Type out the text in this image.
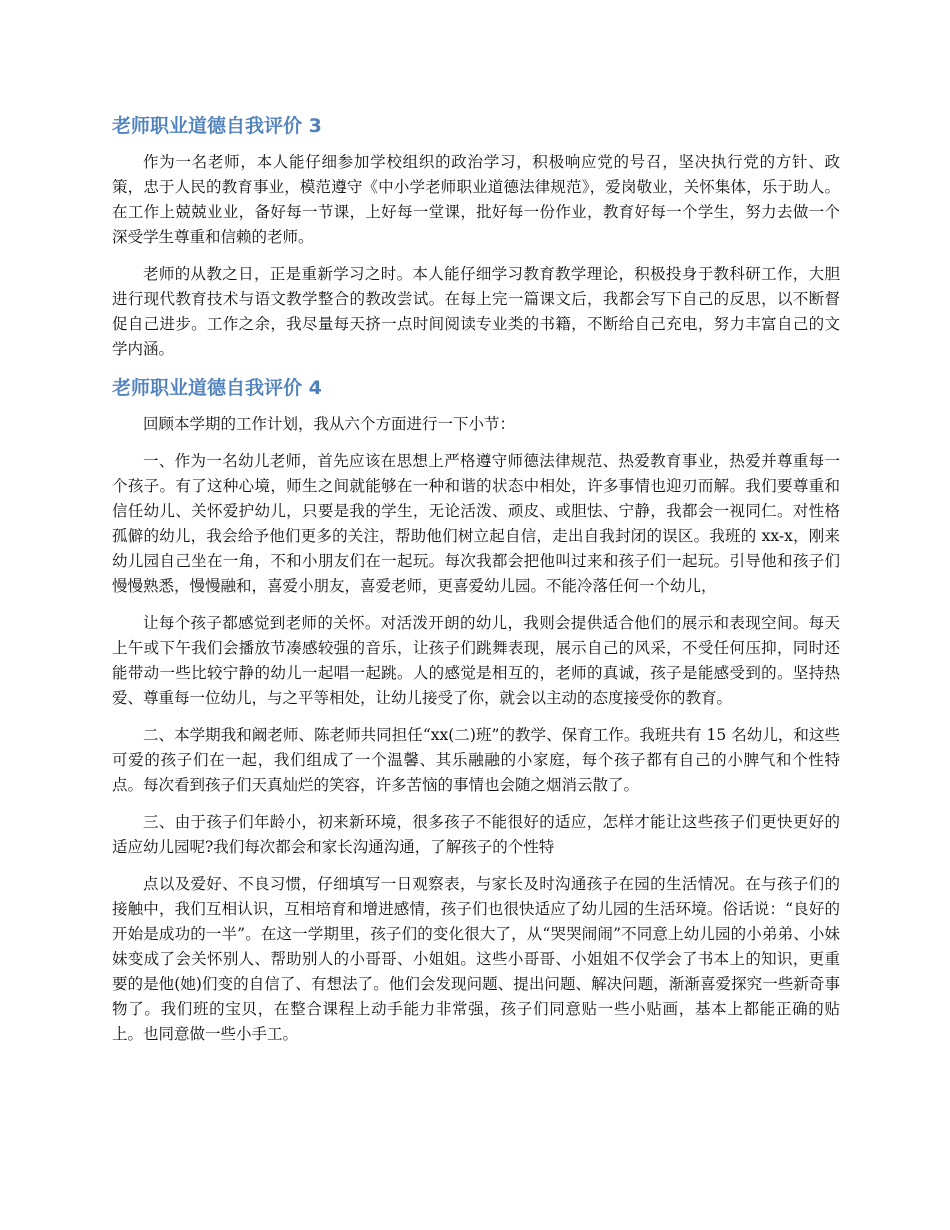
老师职业道德自我评价 3

作为一名老师，本人能仔细参加学校组织的政治学习，积极响应党的号召，坚决执行党的方针、政策，忠于人民的教育事业，模范遵守《中小学老师职业道德法律规范》，爱岗敬业，关怀集体，乐于助人。在工作上兢兢业业，备好每一节课，上好每一堂课，批好每一份作业，教育好每一个学生，努力去做一个深受学生尊重和信赖的老师。

老师的从教之日，正是重新学习之时。本人能仔细学习教育教学理论，积极投身于教科研工作，大胆进行现代教育技术与语文教学整合的教改尝试。在每上完一篇课文后，我都会写下自己的反思，以不断督促自己进步。工作之余，我尽量每天挤一点时间阅读专业类的书籍，不断给自己充电，努力丰富自己的文学内涵。

老师职业道德自我评价 4

回顾本学期的工作计划，我从六个方面进行一下小节：

一、作为一名幼儿老师，首先应该在思想上严格遵守师德法律规范、热爱教育事业，热爱并尊重每一个孩子。有了这种心境，师生之间就能够在一种和谐的状态中相处，许多事情也迎刃而解。我们要尊重和信任幼儿、关怀爱护幼儿，只要是我的学生，无论活泼、顽皮、或胆怯、宁静，我都会一视同仁。对性格孤僻的幼儿，我会给予他们更多的关注，帮助他们树立起自信，走出自我封闭的误区。我班的 xx-x，刚来幼儿园自己坐在一角，不和小朋友们在一起玩。每次我都会把他叫过来和孩子们一起玩。引导他和孩子们慢慢熟悉，慢慢融和，喜爱小朋友，喜爱老师，更喜爱幼儿园。不能冷落任何一个幼儿，

让每个孩子都感觉到老师的关怀。对活泼开朗的幼儿，我则会提供适合他们的展示和表现空间。每天上午或下午我们会播放节凑感较强的音乐，让孩子们跳舞表现，展示自己的风采，不受任何压抑，同时还能带动一些比较宁静的幼儿一起唱一起跳。人的感觉是相互的，老师的真诚，孩子是能感受到的。坚持热爱、尊重每一位幼儿，与之平等相处，让幼儿接受了你，就会以主动的态度接受你的教育。

二、本学期我和阚老师、陈老师共同担任“xx(二)班”的教学、保育工作。我班共有 15 名幼儿，和这些可爱的孩子们在一起，我们组成了一个温馨、其乐融融的小家庭，每个孩子都有自己的小脾气和个性特点。每次看到孩子们天真灿烂的笑容，许多苦恼的事情也会随之烟消云散了。

三、由于孩子们年龄小，初来新环境，很多孩子不能很好的适应，怎样才能让这些孩子们更快更好的适应幼儿园呢?我们每次都会和家长沟通沟通，了解孩子的个性特

点以及爱好、不良习惯，仔细填写一日观察表，与家长及时沟通孩子在园的生活情况。在与孩子们的接触中，我们互相认识，互相培育和增进感情，孩子们也很快适应了幼儿园的生活环境。俗话说：“良好的开始是成功的一半”。在这一学期里，孩子们的变化很大了，从“哭哭闹闹”不同意上幼儿园的小弟弟、小妹妹变成了会关怀别人、帮助别人的小哥哥、小姐姐。这些小哥哥、小姐姐不仅学会了书本上的知识，更重要的是他(她)们变的自信了、有想法了。他们会发现问题、提出问题、解决问题，渐渐喜爱探究一些新奇事物了。我们班的宝贝，在整合课程上动手能力非常强，孩子们同意贴一些小贴画，基本上都能正确的贴上。也同意做一些小手工。
